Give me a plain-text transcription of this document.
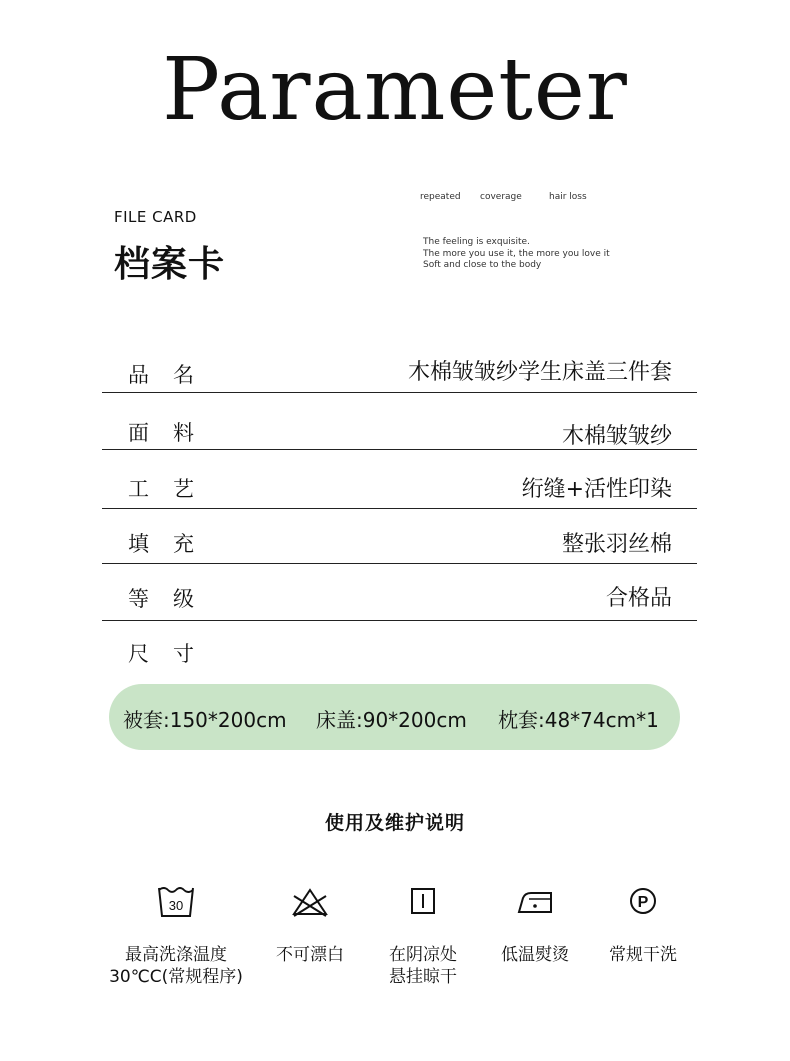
Parameter
FILE CARD
档案卡
repeated coverage	hair loss
The feeling is exquisite.
The more you use it, the more you love it
Soft and close to the body
品名	木棉皱皱纱学生床盖三件套
面料	木棉皱皱纱
工艺	绗缝+活性印染
填充	整张羽丝棉
等级	合格品
尺寸
被套:150*200cm 床盖:90*200cm 枕套:48*74cm*1
使用及维护说明
30
最高洗涤温度
30℃C(常规程序)
不可漂白	在阴凉处
悬挂晾干
低温熨烫
P
常规干洗
